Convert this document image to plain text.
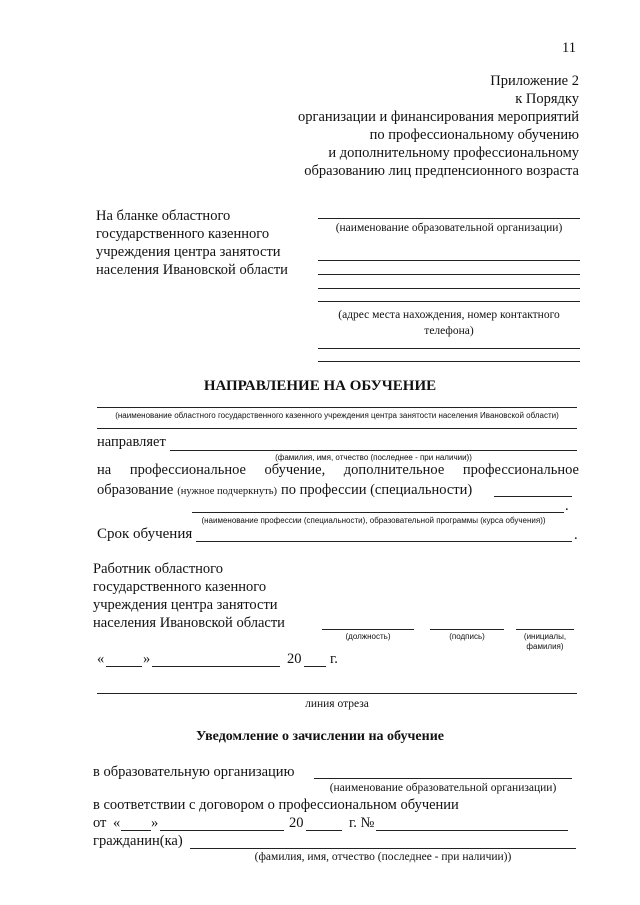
11
Приложение 2
к Порядку
организации и финансирования мероприятий
по профессиональному обучению
и дополнительному профессиональному
образованию лиц предпенсионного возраста
На бланке областного
государственного казенного
учреждения центра занятости
населения Ивановской области
(наименование образовательной организации)
(адрес места нахождения, номер контактного
телефона)
НАПРАВЛЕНИЕ НА ОБУЧЕНИЕ
(наименование областного государственного казенного учреждения центра занятости населения Ивановской области)
направляет
(фамилия, имя, отчество (последнее - при наличии))
на профессиональное обучение, дополнительное профессиональное
образование (нужное подчеркнуть) по профессии (специальности)
.
(наименование профессии (специальности), образовательной программы (курса обучения))
Срок обучения	.
Работник областного
государственного казенного
учреждения центра занятости
населения Ивановской области
(должность)	(подпись)	(инициалы,
фамилия)
«	»	20 г.
линия отреза
Уведомление о зачислении на обучение
в образовательную организацию
(наименование образовательной организации)
в соответствии с договором о профессиональном обучении
от « »	20	г. №
гражданин(ка)
(фамилия, имя, отчество (последнее - при наличии))
